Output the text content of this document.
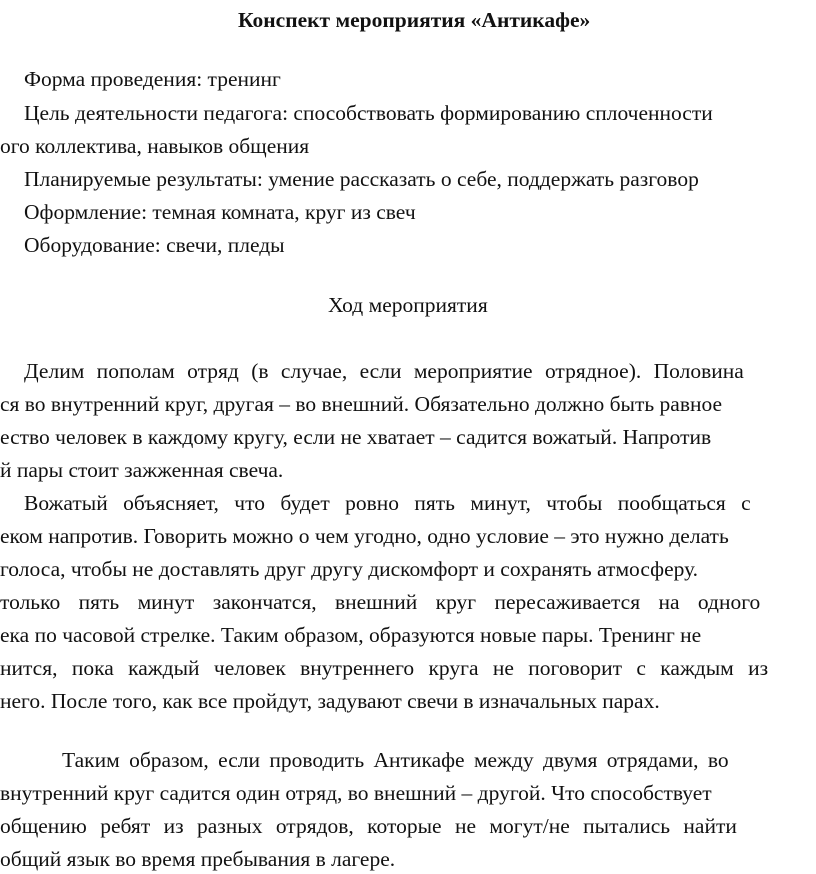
Конспект мероприятия «Антикафе»
Форма проведения: тренинг
Цель деятельности педагога: способствовать формированию сплоченности
ого коллектива, навыков общения
Планируемые результаты: умение рассказать о себе, поддержать разговор
Оформление: темная комната, круг из свеч
Оборудование: свечи, пледы
Ход мероприятия
Делим пополам отряд (в случае, если мероприятие отрядное). Половина
ся во внутренний круг, другая – во внешний. Обязательно должно быть равное
ество человек в каждому кругу, если не хватает – садится вожатый. Напротив
й пары стоит зажженная свеча.
Вожатый объясняет, что будет ровно пять минут, чтобы пообщаться с
еком напротив. Говорить можно о чем угодно, одно условие – это нужно делать
голоса, чтобы не доставлять друг другу дискомфорт и сохранять атмосферу.
только пять минут закончатся, внешний круг пересаживается на одного
ека по часовой стрелке. Таким образом, образуются новые пары. Тренинг не
нится, пока каждый человек внутреннего круга не поговорит с каждым из
него. После того, как все пройдут, задувают свечи в изначальных парах.
Таким образом, если проводить Антикафе между двумя отрядами, во
внутренний круг садится один отряд, во внешний – другой. Что способствует
общению ребят из разных отрядов, которые не могут/не пытались найти
общий язык во время пребывания в лагере.
